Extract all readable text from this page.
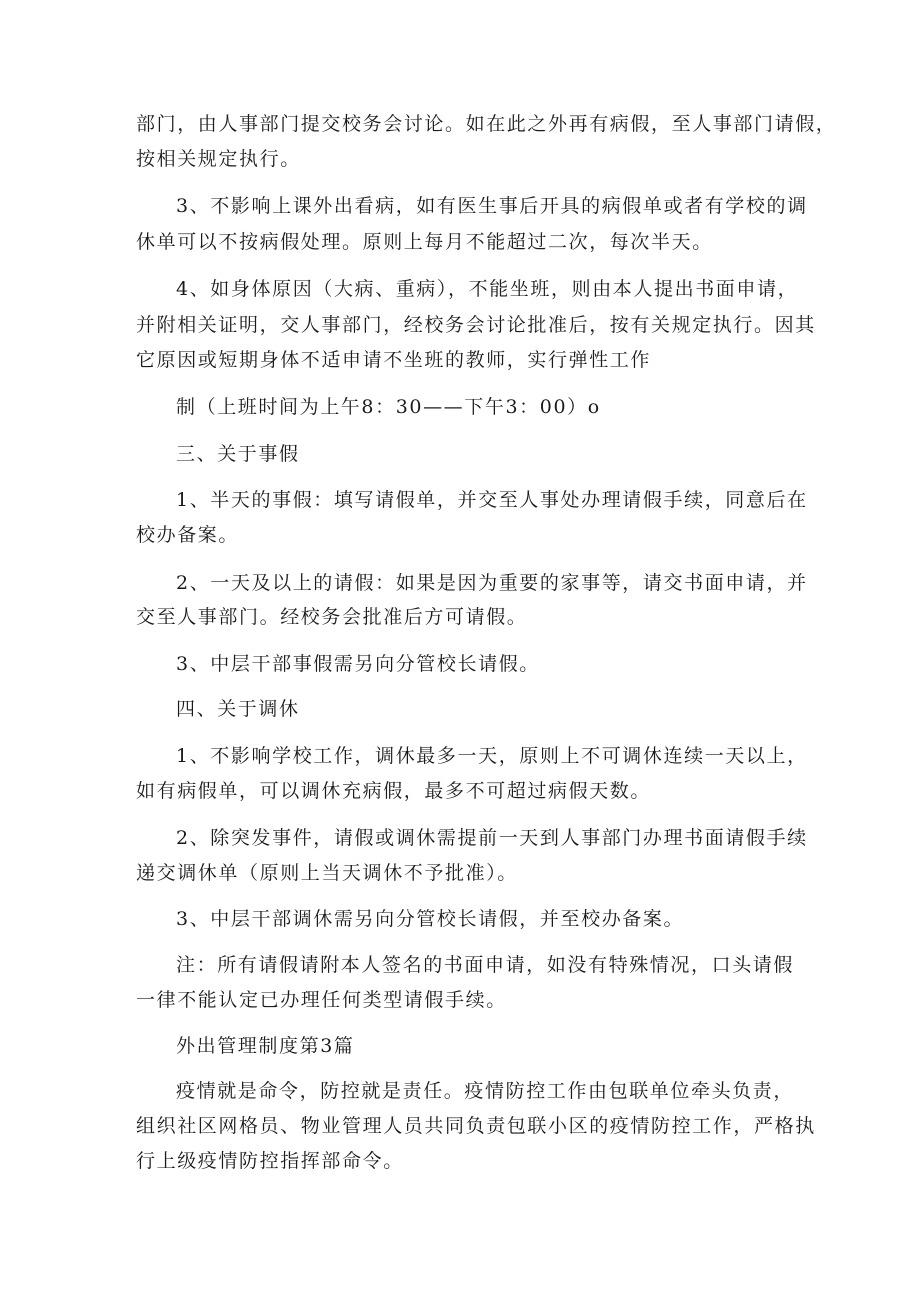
部门，由人事部门提交校务会讨论。如在此之外再有病假，至人事部门请假，
按相关规定执行。
3、不影响上课外出看病，如有医生事后开具的病假单或者有学校的调
休单可以不按病假处理。原则上每月不能超过二次，每次半天。
4、如身体原因（大病、重病），不能坐班，则由本人提出书面申请，
并附相关证明，交人事部门，经校务会讨论批准后，按有关规定执行。因其
它原因或短期身体不适申请不坐班的教师，实行弹性工作
制（上班时间为上午8：30——下午3：00）o
三、关于事假
1、半天的事假：填写请假单，并交至人事处办理请假手续，同意后在
校办备案。
2、一天及以上的请假：如果是因为重要的家事等，请交书面申请，并
交至人事部门。经校务会批准后方可请假。
3、中层干部事假需另向分管校长请假。
四、关于调休
1、不影响学校工作，调休最多一天，原则上不可调休连续一天以上，
如有病假单，可以调休充病假，最多不可超过病假天数。
2、除突发事件，请假或调休需提前一天到人事部门办理书面请假手续
递交调休单（原则上当天调休不予批准）。
3、中层干部调休需另向分管校长请假，并至校办备案。
注：所有请假请附本人签名的书面申请，如没有特殊情况，口头请假
一律不能认定已办理任何类型请假手续。
外出管理制度第3篇
疫情就是命令，防控就是责任。疫情防控工作由包联单位牵头负责，
组织社区网格员、物业管理人员共同负责包联小区的疫情防控工作，严格执
行上级疫情防控指挥部命令。
